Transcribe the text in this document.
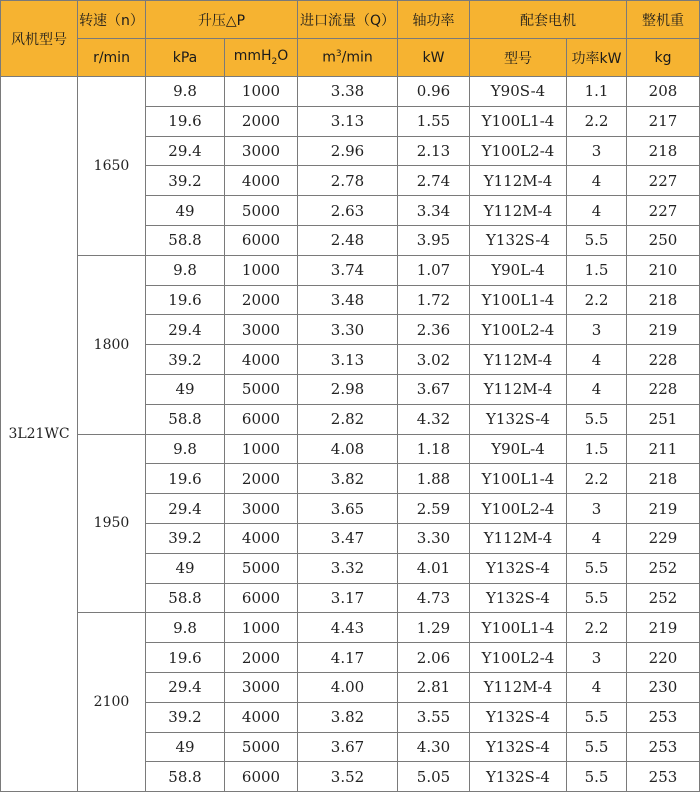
风机型号	转速（n）	升压△P		进口流量（Q）	轴功率	配套电机		整机重
	r/min	kPa	mmH$_2$O	$m^3/\min$	kW	型号	功率kW	kg
3L21WC	1650	9.8	1000	3.38	0.96	Y90S-4	1.1	208
		19.6	2000	3.13	1.55	Y100L1-4	2.2	217
		29.4	3000	2.96	2.13	Y100L2-4	3	218
		39.2	4000	2.78	2.74	Y112M-4	4	227
		49	5000	2.63	3.34	Y112M-4	4	227
		58.8	6000	2.48	3.95	Y132S-4	5.5	250
	1800	9.8	1000	3.74	1.07	Y90L-4	1.5	210
		19.6	2000	3.48	1.72	Y100L1-4	2.2	218
		29.4	3000	3.30	2.36	Y100L2-4	3	219
		39.2	4000	3.13	3.02	Y112M-4	4	228
		49	5000	2.98	3.67	Y112M-4	4	228
		58.8	6000	2.82	4.32	Y132S-4	5.5	251
	1950	9.8	1000	4.08	1.18	Y90L-4	1.5	211
		19.6	2000	3.82	1.88	Y100L1-4	2.2	218
		29.4	3000	3.65	2.59	Y100L2-4	3	219
		39.2	4000	3.47	3.30	Y112M-4	4	229
		49	5000	3.32	4.01	Y132S-4	5.5	252
		58.8	6000	3.17	4.73	Y132S-4	5.5	252
	2100	9.8	1000	4.43	1.29	Y100L1-4	2.2	219
		19.6	2000	4.17	2.06	Y100L2-4	3	220
		29.4	3000	4.00	2.81	Y112M-4	4	230
		39.2	4000	3.82	3.55	Y132S-4	5.5	253
		49	5000	3.67	4.30	Y132S-4	5.5	253
		58.8	6000	3.52	5.05	Y132S-4	5.5	253
